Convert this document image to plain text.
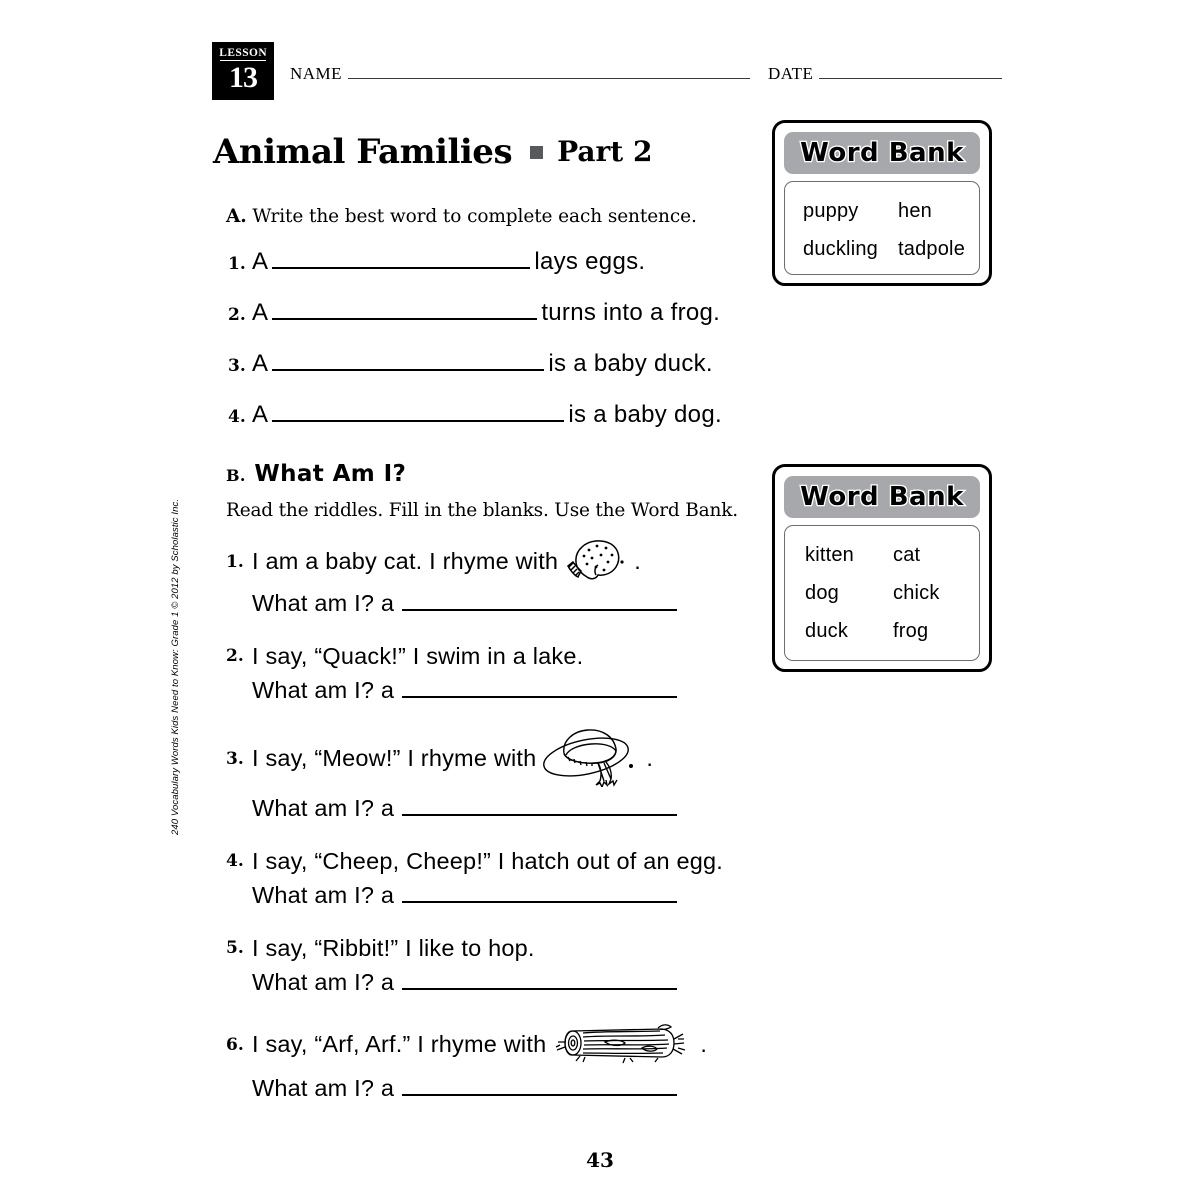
LESSON
13 NAME	DATE
Animal Families Part 2
A. Write the best word to complete each sentence.
1. A	lays eggs.
2. A	turns into a frog.
3. A	is a baby duck.
4. A	is a baby dog.
B. What Am I?
Read the riddles. Fill in the blanks. Use the Word Bank.
1. I am a baby cat. I rhyme with	.
What am I? a
2. I say, “Quack!” I swim in a lake.
What am I? a
3. I say, “Meow!” I rhyme with	.
What am I? a
4. I say, “Cheep, Cheep!” I hatch out of an egg.
What am I? a
5. I say, “Ribbit!” I like to hop.
What am I? a
6. I say, “Arf, Arf.” I rhyme with	.
What am I? a
Word Bank
puppy	hen
duckling	tadpole
Word Bank
kitten	cat
dog	chick
duck	frog
43
240 Vocabulary Words Kids Need to Know: Grade 1 © 2012 by Scholastic Inc.
